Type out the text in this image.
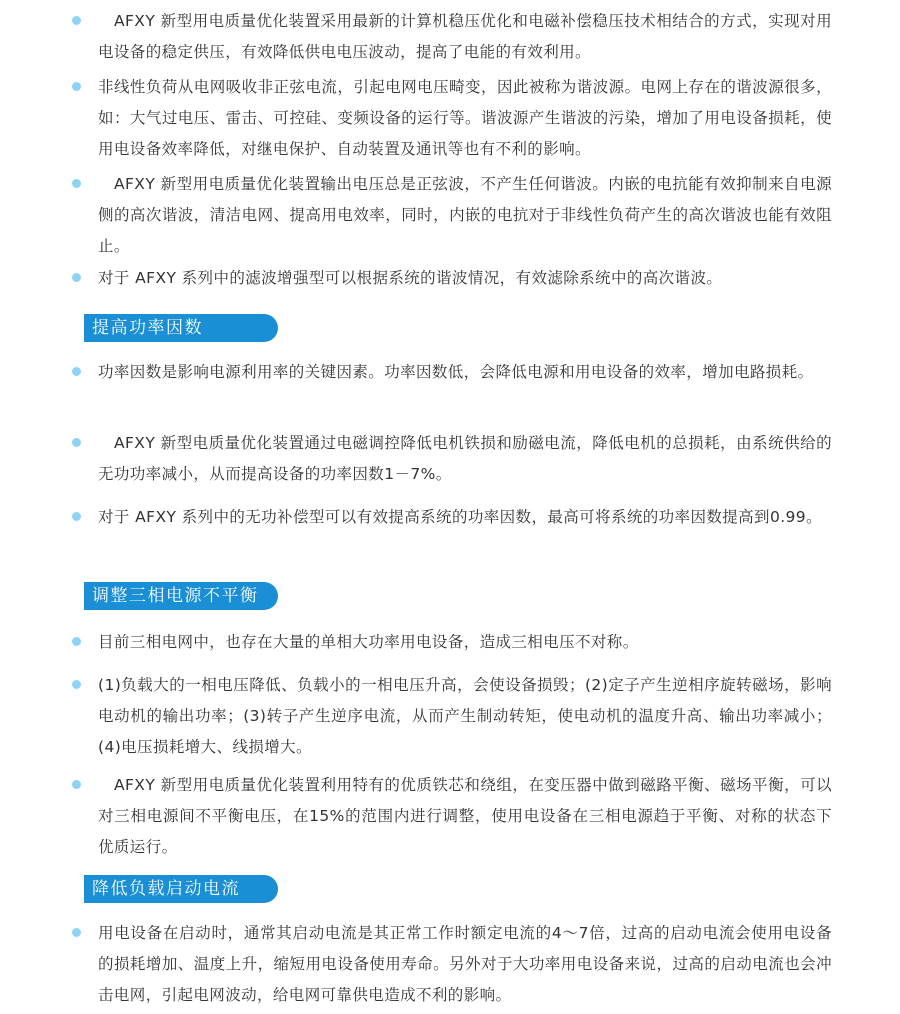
　AFXY 新型用电质量优化装置采用最新的计算机稳压优化和电磁补偿稳压技术相结合的方式，实现对用电设备的稳定供压，有效降低供电电压波动，提高了电能的有效利用。
非线性负荷从电网吸收非正弦电流，引起电网电压畸变，因此被称为谐波源。电网上存在的谐波源很多，如：大气过电压、雷击、可控硅、变频设备的运行等。谐波源产生谐波的污染，增加了用电设备损耗，使用电设备效率降低，对继电保护、自动装置及通讯等也有不利的影响。
　AFXY 新型用电质量优化装置输出电压总是正弦波，不产生任何谐波。内嵌的电抗能有效抑制来自电源侧的高次谐波，清洁电网、提高用电效率，同时，内嵌的电抗对于非线性负荷产生的高次谐波也能有效阻止。
对于 AFXY 系列中的滤波增强型可以根据系统的谐波情况，有效滤除系统中的高次谐波。
提高功率因数
功率因数是影响电源利用率的关键因素。功率因数低，会降低电源和用电设备的效率，增加电路损耗。
　AFXY 新型电质量优化装置通过电磁调控降低电机铁损和励磁电流，降低电机的总损耗，由系统供给的无功功率减小，从而提高设备的功率因数1－7%。
对于 AFXY 系列中的无功补偿型可以有效提高系统的功率因数，最高可将系统的功率因数提高到0.99。
调整三相电源不平衡
目前三相电网中，也存在大量的单相大功率用电设备，造成三相电压不对称。
(1)负载大的一相电压降低、负载小的一相电压升高，会使设备损毁；(2)定子产生逆相序旋转磁场，影响电动机的输出功率；(3)转子产生逆序电流，从而产生制动转矩，使电动机的温度升高、输出功率减小；(4)电压损耗增大、线损增大。
　AFXY 新型用电质量优化装置利用特有的优质铁芯和绕组，在变压器中做到磁路平衡、磁场平衡，可以对三相电源间不平衡电压，在15%的范围内进行调整，使用电设备在三相电源趋于平衡、对称的状态下优质运行。
降低负载启动电流
用电设备在启动时，通常其启动电流是其正常工作时额定电流的4～7倍，过高的启动电流会使用电设备的损耗增加、温度上升，缩短用电设备使用寿命。另外对于大功率用电设备来说，过高的启动电流也会冲击电网，引起电网波动，给电网可靠供电造成不利的影响。
